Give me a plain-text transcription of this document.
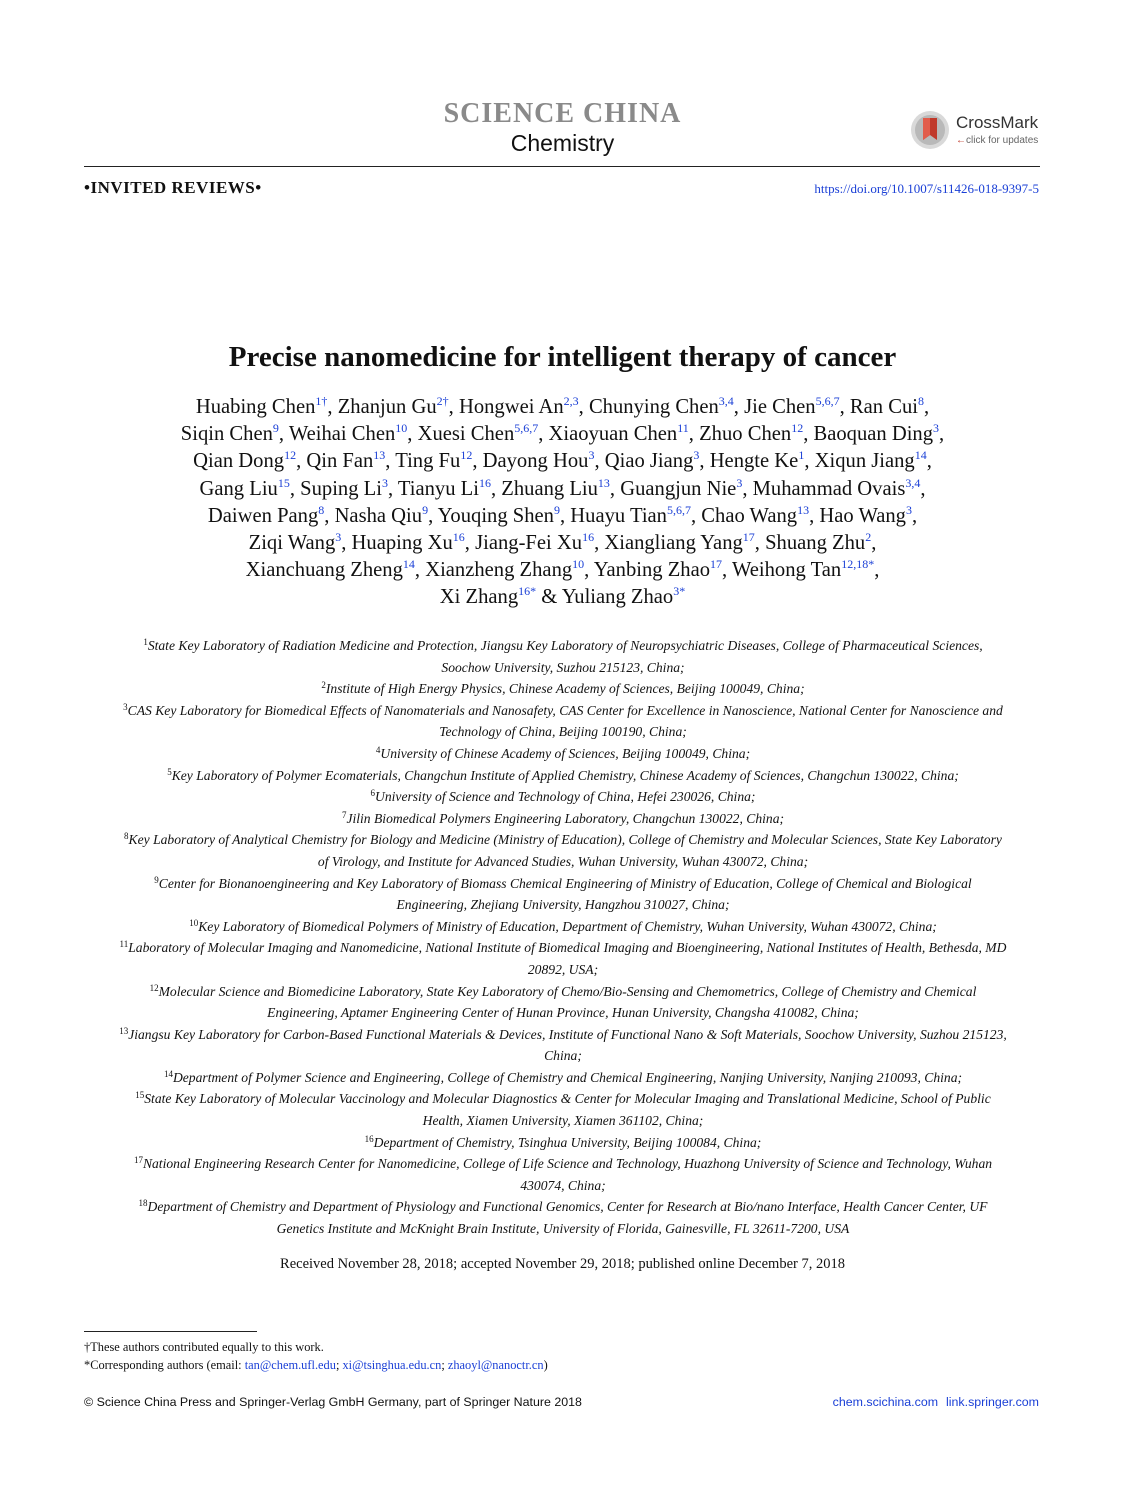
SCIENCE CHINA
Chemistry
CrossMark
←click for updates
•INVITED REVIEWS•	https://doi.org/10.1007/s11426-018-9397-5
Precise nanomedicine for intelligent therapy of cancer
Huabing Chen$^{1\dagger}$, Zhanjun $Gu^{2\dagger}$, Hongwei An$^{2,3}$, Chunying Chen$^{3,4}$, Jie Chen$^{5,6,7}$, Ran Cui$^8$,
Siqin Chen$^9$, Weihai Chen$^{10}$, Xuesi Chen$^{5,6,7}$, Xiaoyuan Chen$^{11}$, Zhuo Chen$^{12}$, Baoquan Ding$^3$,
Qian Dong$^{12}$, Qin Fan$^{13}$, Ting Fu$^{12}$, Dayong Hou$^3$, Qiao Jiang$^3$, Hengte Ke$^1$, Xiqun Jiang$^{14}$,
Gang Liu$^{15}$, Suping Li$^3$, Tianyu Li$^{16}$, Zhuang Liu$^{13}$, Guangjun Nie$^3$, Muhammad Ovais$^{3,4}$,
Daiwen Pang$^8$, Nasha Qiu$^9$, Youqing Shen$^9$, Huayu Tian$^{5,6,7}$, Chao Wang$^{13}$, Hao Wang$^3$,
Ziqi Wang$^3$, Huaping Xu$^{16}$, Jiang-Fei Xu$^{16}$, Xiangliang Yang$^{17}$, Shuang Zhu$^2$,
Xianchuang Zheng$^{14}$, Xianzheng Zhang$^{10}$, Yanbing Zhao$^{17}$, Weihong Tan$^{12,18*}$,
Xi Zhang$^{16*}$ & Yuliang Zhao$^{3*}$
$^1$State Key Laboratory of Radiation Medicine and Protection, Jiangsu Key Laboratory of Neuropsychiatric Diseases, College of Pharmaceutical Sciences, Soochow University, Suzhou 215123, China;
$^2$Institute of High Energy Physics, Chinese Academy of Sciences, Beijing 100049, China;
$^3$CAS Key Laboratory for Biomedical Effects of Nanomaterials and Nanosafety, CAS Center for Excellence in Nanoscience, National Center for Nanoscience and Technology of China, Beijing 100190, China;
$^4$University of Chinese Academy of Sciences, Beijing 100049, China;
$^5$Key Laboratory of Polymer Ecomaterials, Changchun Institute of Applied Chemistry, Chinese Academy of Sciences, Changchun 130022, China;
$^6$University of Science and Technology of China, Hefei 230026, China;
$^7$Jilin Biomedical Polymers Engineering Laboratory, Changchun 130022, China;
$^8$Key Laboratory of Analytical Chemistry for Biology and Medicine (Ministry of Education), College of Chemistry and Molecular Sciences, State Key Laboratory of Virology, and Institute for Advanced Studies, Wuhan University, Wuhan 430072, China;
$^9$Center for Bionanoengineering and Key Laboratory of Biomass Chemical Engineering of Ministry of Education, College of Chemical and Biological Engineering, Zhejiang University, Hangzhou 310027, China;
$^{10}$Key Laboratory of Biomedical Polymers of Ministry of Education, Department of Chemistry, Wuhan University, Wuhan 430072, China;
$^{11}$Laboratory of Molecular Imaging and Nanomedicine, National Institute of Biomedical Imaging and Bioengineering, National Institutes of Health, Bethesda, MD 20892, USA;
$^{12}$Molecular Science and Biomedicine Laboratory, State Key Laboratory of Chemo/Bio-Sensing and Chemometrics, College of Chemistry and Chemical Engineering, Aptamer Engineering Center of Hunan Province, Hunan University, Changsha 410082, China;
$^{13}$Jiangsu Key Laboratory for Carbon-Based Functional Materials & Devices, Institute of Functional Nano & Soft Materials, Soochow University, Suzhou 215123, China;
$^{14}$Department of Polymer Science and Engineering, College of Chemistry and Chemical Engineering, Nanjing University, Nanjing 210093, China;
$^{15}$State Key Laboratory of Molecular Vaccinology and Molecular Diagnostics & Center for Molecular Imaging and Translational Medicine, School of Public Health, Xiamen University, Xiamen 361102, China;
$^{16}$Department of Chemistry, Tsinghua University, Beijing 100084, China;
$^{17}$National Engineering Research Center for Nanomedicine, College of Life Science and Technology, Huazhong University of Science and Technology, Wuhan 430074, China;
$^{18}$Department of Chemistry and Department of Physiology and Functional Genomics, Center for Research at Bio/nano Interface, Health Cancer Center, UF Genetics Institute and McKnight Brain Institute, University of Florida, Gainesville, FL 32611-7200, USA
Received November 28, 2018; accepted November 29, 2018; published online December 7, 2018
†These authors contributed equally to this work.
*Corresponding authors (email: tan@chem.ufl.edu; xi@tsinghua.edu.cn; zhaoyl@nanoctr.cn)
© Science China Press and Springer-Verlag GmbH Germany, part of Springer Nature 2018	chem.scichina.com link.springer.com
